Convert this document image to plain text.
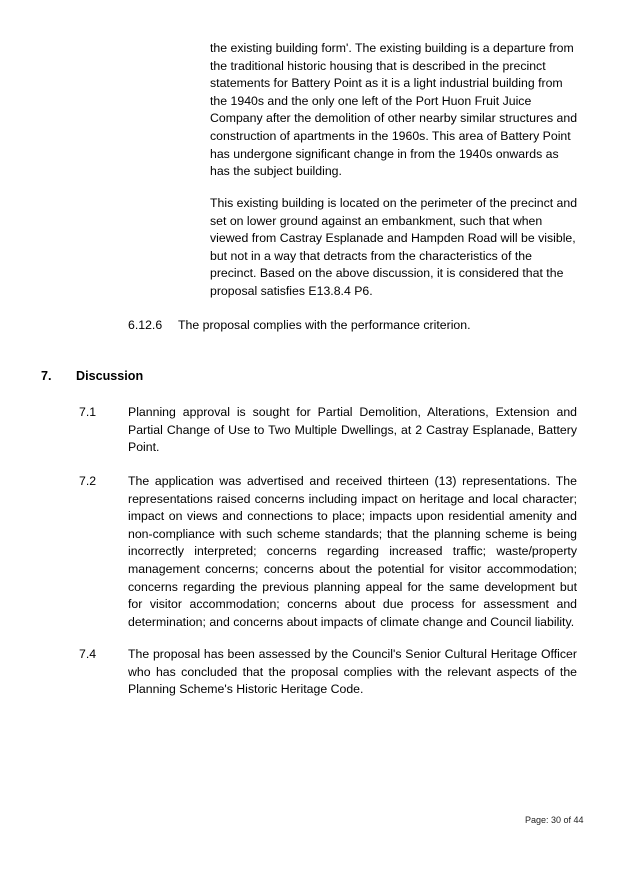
the existing building form'. The existing building is a departure from the traditional historic housing that is described in the precinct statements for Battery Point as it is a light industrial building from the 1940s and the only one left of the Port Huon Fruit Juice Company after the demolition of other nearby similar structures and construction of apartments in the 1960s. This area of Battery Point has undergone significant change in from the 1940s onwards as has the subject building.

This existing building is located on the perimeter of the precinct and set on lower ground against an embankment, such that when viewed from Castray Esplanade and Hampden Road will be visible, but not in a way that detracts from the characteristics of the precinct. Based on the above discussion, it is considered that the proposal satisfies E13.8.4 P6.

6.12.6 The proposal complies with the performance criterion.
7. Discussion
7.1	Planning approval is sought for Partial Demolition, Alterations, Extension and Partial Change of Use to Two Multiple Dwellings, at 2 Castray Esplanade, Battery Point.

7.2	The application was advertised and received thirteen (13) representations. The representations raised concerns including impact on heritage and local character; impact on views and connections to place; impacts upon residential amenity and non-compliance with such scheme standards; that the planning scheme is being incorrectly interpreted; concerns regarding increased traffic; waste/property management concerns; concerns about the potential for visitor accommodation; concerns regarding the previous planning appeal for the same development but for visitor accommodation; concerns about due process for assessment and determination; and concerns about impacts of climate change and Council liability.

7.4	The proposal has been assessed by the Council's Senior Cultural Heritage Officer who has concluded that the proposal complies with the relevant aspects of the Planning Scheme's Historic Heritage Code.

Page: 30 of 44
